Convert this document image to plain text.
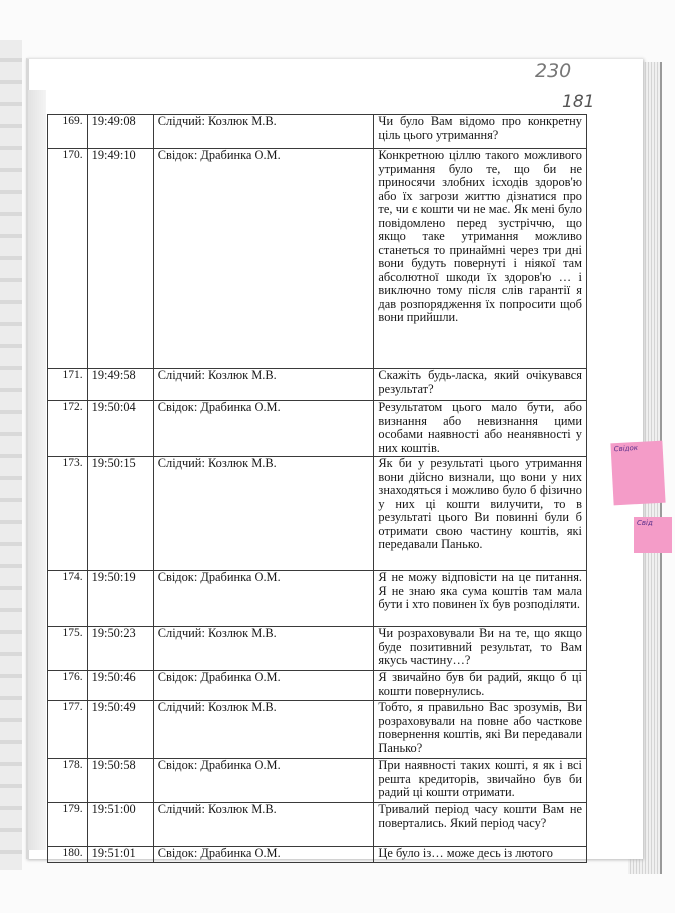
230
181
169.	19:49:08	Слідчий: Козлюк М.В.	Чи було Вам відомо про конкретну ціль цього утримання?
170.	19:49:10	Свідок: Драбинка О.М.	Конкретною ціллю такого можливого утримання було те, що би не приносячи злобних ісходів здоров'ю або їх загрози життю дізнатися про те, чи є кошти чи не має. Як мені було повідомлено перед зустріччю, що якщо таке утримання можливо станеться то принаймні через три дні вони будуть повернуті і ніякої там абсолютної шкоди їх здоров'ю … і виключно тому після слів гарантії я дав розпорядження їх попросити щоб вони прийшли.
171.	19:49:58	Слідчий: Козлюк М.В.	Скажіть будь-ласка, який очікувався результат?
172.	19:50:04	Свідок: Драбинка О.М.	Результатом цього мало бути, або визнання або невизнання цими особами наявності або неанявності у них коштів.
173.	19:50:15	Слідчий: Козлюк М.В.	Як би у результаті цього утримання вони дійсно визнали, що вони у них знаходяться і можливо було б фізично у них ці кошти вилучити, то в результаті цього Ви повинні були б отримати свою частину коштів, які передавали Панько.
174.	19:50:19	Свідок: Драбинка О.М.	Я не можу відповісти на це питання. Я не знаю яка сума коштів там мала бути і хто повинен їх був розподіляти.
175.	19:50:23	Слідчий: Козлюк М.В.	Чи розраховували Ви на те, що якщо буде позитивний результат, то Вам якусь частину…?
176.	19:50:46	Свідок: Драбинка О.М.	Я звичайно був би радий, якщо б ці кошти повернулись.
177.	19:50:49	Слідчий: Козлюк М.В.	Тобто, я правильно Вас зрозумів, Ви розраховували на повне або часткове повернення коштів, які Ви передавали Панько?
178.	19:50:58	Свідок: Драбинка О.М.	При наявності таких кошті, я як і всі решта кредиторів, звичайно був би радий ці кошти отримати.
179.	19:51:00	Слідчий: Козлюк М.В.	Тривалий період часу кошти Вам не повертались. Який період часу?
180.	19:51:01	Свідок: Драбинка О.М.	Це було із… може десь із лютого
Свідок
Свід
